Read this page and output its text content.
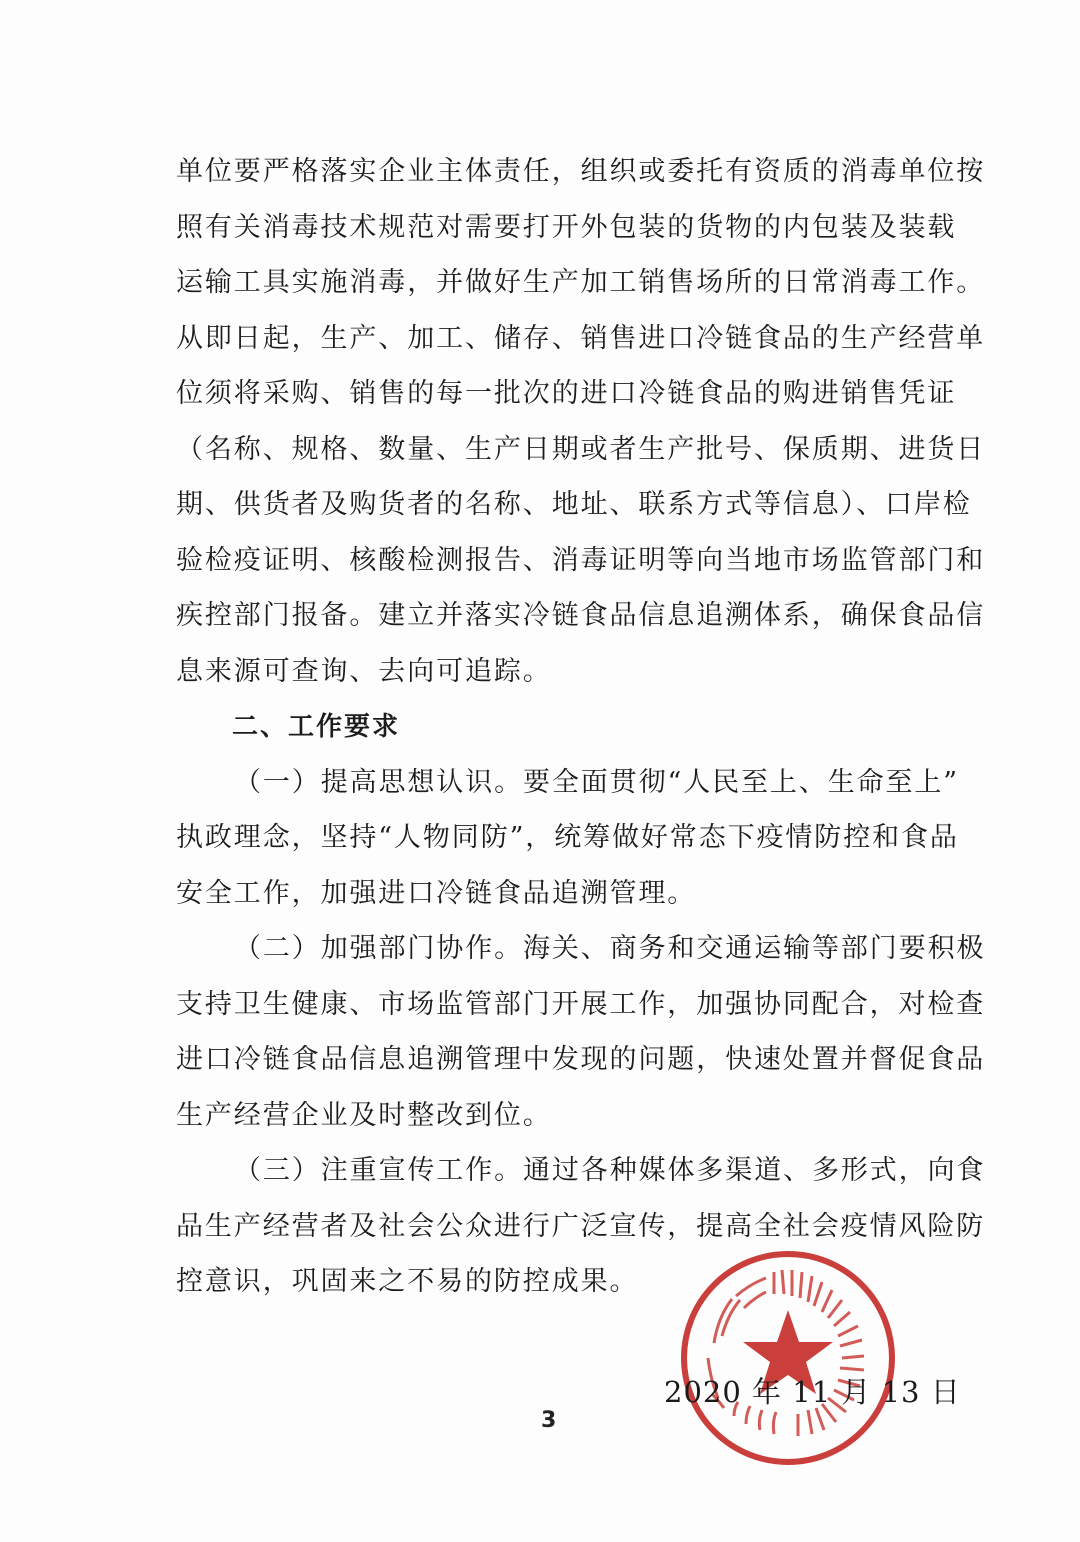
单位要严格落实企业主体责任，组织或委托有资质的消毒单位按
照有关消毒技术规范对需要打开外包装的货物的内包装及装载
运输工具实施消毒，并做好生产加工销售场所的日常消毒工作。
从即日起，生产、加工、储存、销售进口冷链食品的生产经营单
位须将采购、销售的每一批次的进口冷链食品的购进销售凭证
（名称、规格、数量、生产日期或者生产批号、保质期、进货日
期、供货者及购货者的名称、地址、联系方式等信息）、口岸检
验检疫证明、核酸检测报告、消毒证明等向当地市场监管部门和
疾控部门报备。建立并落实冷链食品信息追溯体系，确保食品信
息来源可查询、去向可追踪。
二、工作要求
（一）提高思想认识。要全面贯彻“人民至上、生命至上”
执政理念，坚持“人物同防”，统筹做好常态下疫情防控和食品
安全工作，加强进口冷链食品追溯管理。
（二）加强部门协作。海关、商务和交通运输等部门要积极
支持卫生健康、市场监管部门开展工作，加强协同配合，对检查
进口冷链食品信息追溯管理中发现的问题，快速处置并督促食品
生产经营企业及时整改到位。
（三）注重宣传工作。通过各种媒体多渠道、多形式，向食
品生产经营者及社会公众进行广泛宣传，提高全社会疫情风险防
控意识，巩固来之不易的防控成果。
2020 年 11 月 13 日
3
